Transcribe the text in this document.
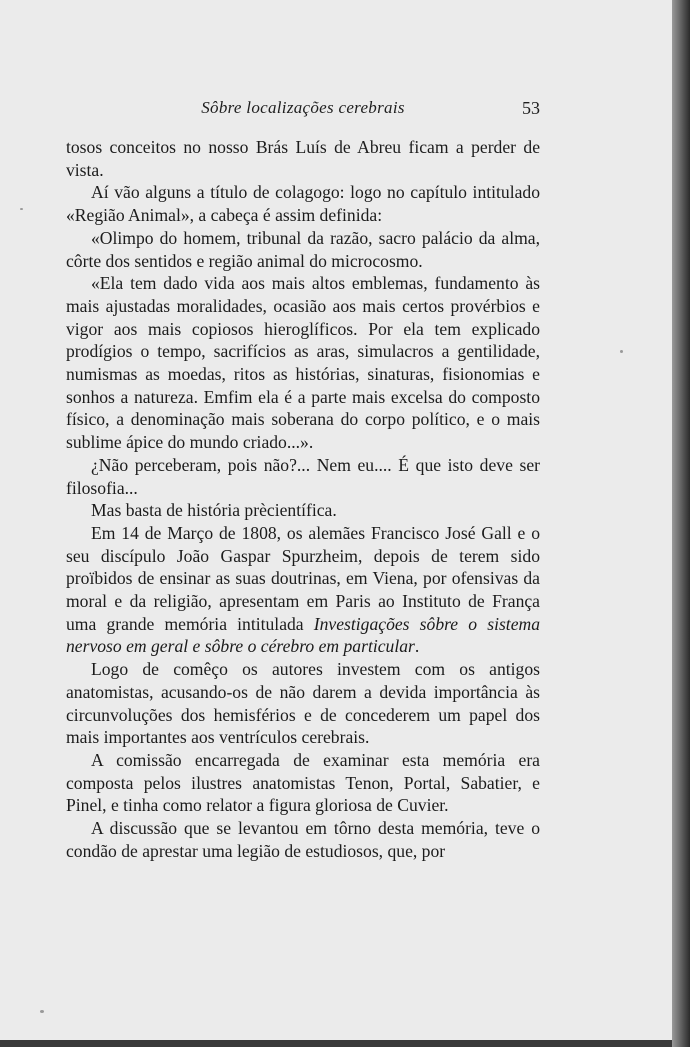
Sôbre localizações cerebrais	53

tosos conceitos no nosso Brás Luís de Abreu ficam a perder de vista.

Aí vão alguns a título de colagogo: logo no capítulo intitulado «Região Animal», a cabeça é assim definida:

«Olimpo do homem, tribunal da razão, sacro palácio da alma, côrte dos sentidos e região animal do microcosmo.

«Ela tem dado vida aos mais altos emblemas, fundamento às mais ajustadas moralidades, ocasião aos mais certos provérbios e vigor aos mais copiosos hieroglíficos. Por ela tem explicado prodígios o tempo, sacrifícios as aras, simulacros a gentilidade, numismas as moedas, ritos as histórias, sinaturas, fisionomias e sonhos a natureza. Emfim ela é a parte mais excelsa do composto físico, a denominação mais soberana do corpo político, e o mais sublime ápice do mundo criado...».

¿Não perceberam, pois não?... Nem eu.... É que isto deve ser filosofia...

Mas basta de história prècientífica.

Em 14 de Março de 1808, os alemães Francisco José Gall e o seu discípulo João Gaspar Spurzheim, depois de terem sido proïbidos de ensinar as suas doutrinas, em Viena, por ofensivas da moral e da religião, apresentam em Paris ao Instituto de França uma grande memória intitulada Investigações sôbre o sistema nervoso em geral e sôbre o cérebro em particular.

Logo de comêço os autores investem com os antigos anatomistas, acusando-os de não darem a devida importância às circunvoluções dos hemisférios e de concederem um papel dos mais importantes aos ventrículos cerebrais.

A comissão encarregada de examinar esta memória era composta pelos ilustres anatomistas Tenon, Portal, Sabatier, e Pinel, e tinha como relator a figura gloriosa de Cuvier.

A discussão que se levantou em tôrno desta memória, teve o condão de aprestar uma legião de estudiosos, que, por
